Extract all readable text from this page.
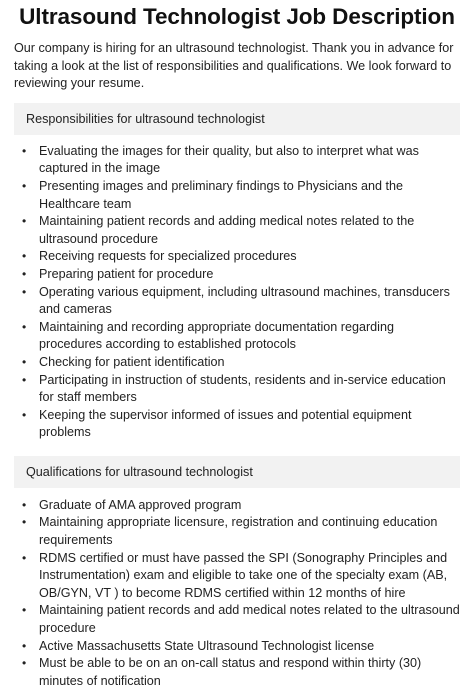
Ultrasound Technologist Job Description

Our company is hiring for an ultrasound technologist. Thank you in advance for taking a look at the list of responsibilities and qualifications. We look forward to reviewing your resume.

Responsibilities for ultrasound technologist
• Evaluating the images for their quality, but also to interpret what was captured in the image
• Presenting images and preliminary findings to Physicians and the Healthcare team
• Maintaining patient records and adding medical notes related to the ultrasound procedure
• Receiving requests for specialized procedures
• Preparing patient for procedure
• Operating various equipment, including ultrasound machines, transducers and cameras
• Maintaining and recording appropriate documentation regarding procedures according to established protocols
• Checking for patient identification
• Participating in instruction of students, residents and in-service education for staff members
• Keeping the supervisor informed of issues and potential equipment problems
Qualifications for ultrasound technologist
• Graduate of AMA approved program
• Maintaining appropriate licensure, registration and continuing education requirements
• RDMS certified or must have passed the SPI (Sonography Principles and Instrumentation) exam and eligible to take one of the specialty exam (AB, OB/GYN, VT ) to become RDMS certified within 12 months of hire
• Maintaining patient records and add medical notes related to the ultrasound procedure
• Active Massachusetts State Ultrasound Technologist license
• Must be able to be on an on-call status and respond within thirty (30) minutes of notification
